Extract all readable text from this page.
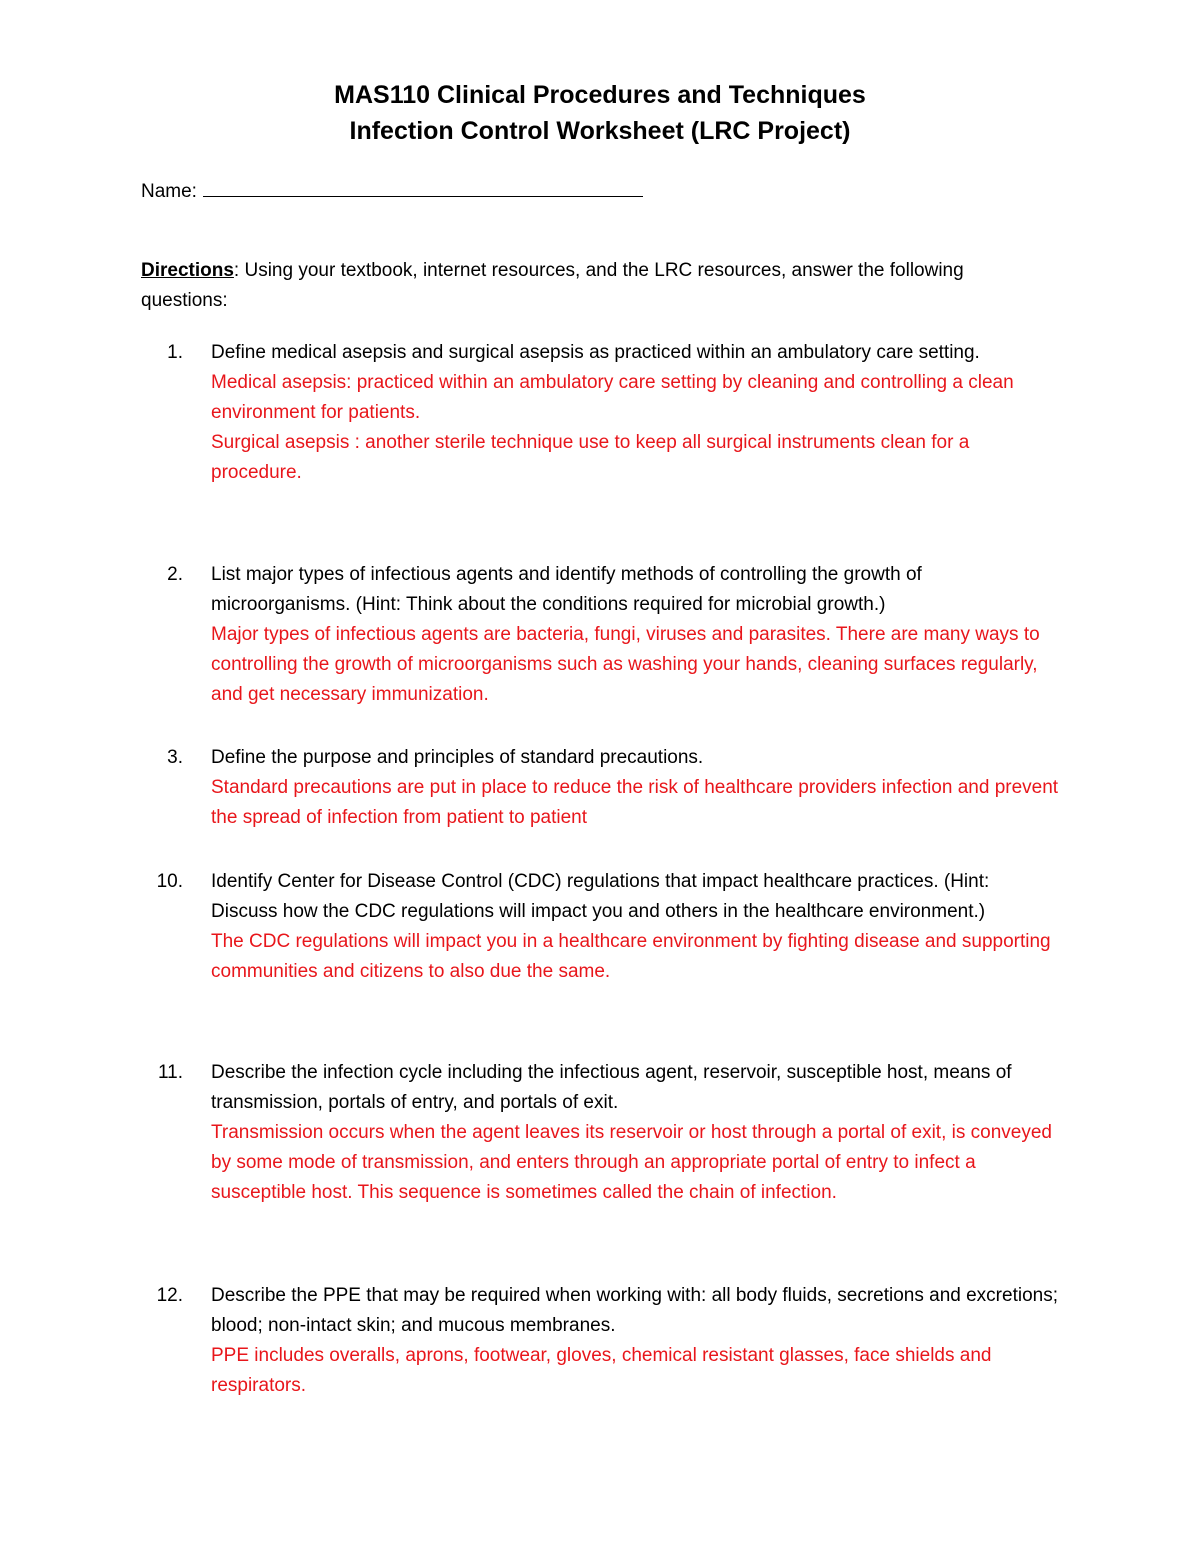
MAS110 Clinical Procedures and Techniques
Infection Control Worksheet (LRC Project)
Name:
Directions: Using your textbook, internet resources, and the LRC resources, answer the following questions:
1. Define medical asepsis and surgical asepsis as practiced within an ambulatory care setting.
Medical asepsis: practiced within an ambulatory care setting by cleaning and controlling a clean environment for patients.
Surgical asepsis : another sterile technique use to keep all surgical instruments clean for a procedure.
2. List major types of infectious agents and identify methods of controlling the growth of microorganisms. (Hint: Think about the conditions required for microbial growth.)
Major types of infectious agents are bacteria, fungi, viruses and parasites. There are many ways to controlling the growth of microorganisms such as washing your hands, cleaning surfaces regularly, and get necessary immunization.
3. Define the purpose and principles of standard precautions.
Standard precautions are put in place to reduce the risk of healthcare providers infection and prevent the spread of infection from patient to patient
10. Identify Center for Disease Control (CDC) regulations that impact healthcare practices. (Hint: Discuss how the CDC regulations will impact you and others in the healthcare environment.)
The CDC regulations will impact you in a healthcare environment by fighting disease and supporting communities and citizens to also due the same.
11. Describe the infection cycle including the infectious agent, reservoir, susceptible host, means of transmission, portals of entry, and portals of exit.
Transmission occurs when the agent leaves its reservoir or host through a portal of exit, is conveyed by some mode of transmission, and enters through an appropriate portal of entry to infect a susceptible host. This sequence is sometimes called the chain of infection.
12. Describe the PPE that may be required when working with: all body fluids, secretions and excretions; blood; non-intact skin; and mucous membranes.
PPE includes overalls, aprons, footwear, gloves, chemical resistant glasses, face shields and respirators.
